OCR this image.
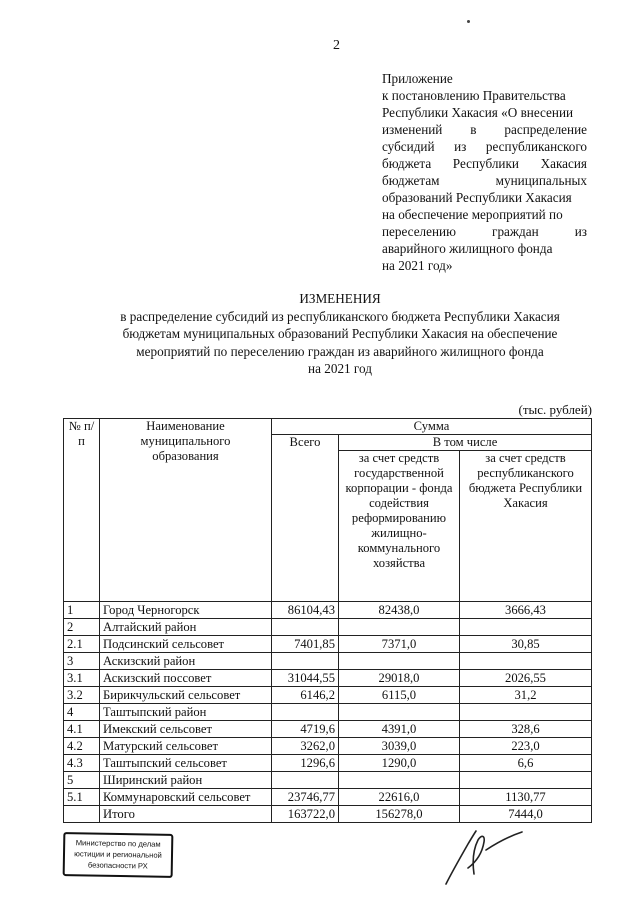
2
Приложение
к постановлению Правительства
Республики Хакасия «О внесении
изменений в распределение
субсидий из республиканского
бюджета Республики Хакасия
бюджетам муниципальных
образований Республики Хакасия
на обеспечение мероприятий по
переселению граждан из
аварийного жилищного фонда
на 2021 год»
ИЗМЕНЕНИЯ
в распределение субсидий из республиканского бюджета Республики Хакасия
бюджетам муниципальных образований Республики Хакасия на обеспечение
мероприятий по переселению граждан из аварийного жилищного фонда
на 2021 год
(тыс. рублей)
№ п/п	Наименование муниципального образования	Сумма		
		Всего	В том числе	

			за счет средств государственной корпорации - фонда содействия реформированию жилищно-коммунального хозяйства	за счет средств республиканского бюджета Республики Хакасия

1	Город Черногорск	86104,43	82438,0	3666,43
2	Алтайский район			
2.1	Подсинский сельсовет	7401,85	7371,0	30,85
3	Аскизский район			
3.1	Аскизский поссовет	31044,55	29018,0	2026,55
3.2	Бирикчульский сельсовет	6146,2	6115,0	31,2
4	Таштыпский район			
4.1	Имекский сельсовет	4719,6	4391,0	328,6
4.2	Матурский сельсовет	3262,0	3039,0	223,0
4.3	Таштыпский сельсовет	1296,6	1290,0	6,6
5	Ширинский район			
5.1	Коммунаровский сельсовет	23746,77	22616,0	1130,77
	Итого	163722,0	156278,0	7444,0
Министерство по делам
юстиции и региональной
безопасности РХ
